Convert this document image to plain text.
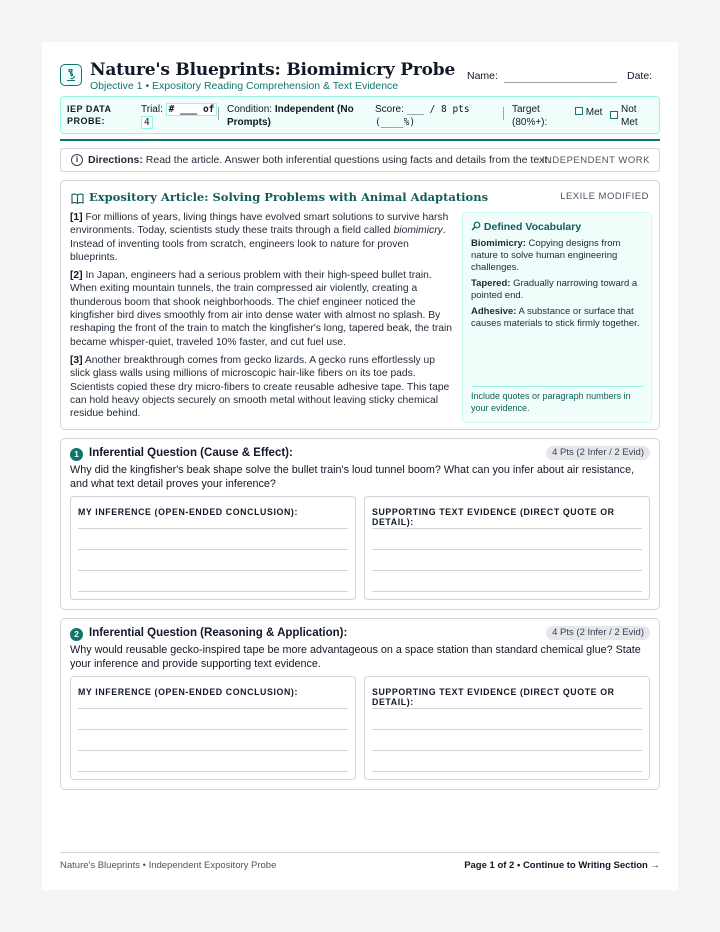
Nature's Blueprints: Biomimicry Probe
Objective 1 • Expository Reading Comprehension & Text Evidence
Name:	Date:
IEP DATA
PROBE:
Trial: # ___ of
4
Condition: Independent (No
Prompts)
Score: ___ / 8 pts
(____%)
Target
(80%+):
Met Not
Met
i Directions: Read the article. Answer both inferential questions using facts and details from the text.
INDEPENDENT WORK
Expository Article: Solving Problems with Animal Adaptations	LEXILE MODIFIED

[1] For millions of years, living things have evolved smart solutions to survive harsh environments. Today, scientists study these traits through a field called biomimicry. Instead of inventing tools from scratch, engineers look to nature for proven blueprints.

[2] In Japan, engineers had a serious problem with their high-speed bullet train. When exiting mountain tunnels, the train compressed air violently, creating a thunderous boom that shook neighborhoods. The chief engineer noticed the kingfisher bird dives smoothly from air into dense water with almost no splash. By reshaping the front of the train to match the kingfisher's long, tapered beak, the train became whisper-quiet, traveled 10% faster, and cut fuel use.

[3] Another breakthrough comes from gecko lizards. A gecko runs effortlessly up slick glass walls using millions of microscopic hair-like fibers on its toe pads. Scientists copied these dry micro-fibers to create reusable adhesive tape. This tape can hold heavy objects securely on smooth metal without leaving sticky chemical residue behind.

Defined Vocabulary
Biomimicry: Copying designs from nature to solve human engineering challenges.
Tapered: Gradually narrowing toward a pointed end.
Adhesive: A substance or surface that causes materials to stick firmly together.
Include quotes or paragraph numbers in your evidence.
1 Inferential Question (Cause & Effect):	4 Pts (2 Infer / 2 Evid)
Why did the kingfisher's beak shape solve the bullet train's loud tunnel boom? What can you infer about air resistance, and what text detail proves your inference?
MY INFERENCE (OPEN-ENDED CONCLUSION):	SUPPORTING TEXT EVIDENCE (DIRECT QUOTE OR DETAIL):
2 Inferential Question (Reasoning & Application):	4 Pts (2 Infer / 2 Evid)
Why would reusable gecko-inspired tape be more advantageous on a space station than standard chemical glue? State your inference and provide supporting text evidence.
MY INFERENCE (OPEN-ENDED CONCLUSION):	SUPPORTING TEXT EVIDENCE (DIRECT QUOTE OR DETAIL):
Nature's Blueprints • Independent Expository Probe	Page 1 of 2 • Continue to Writing Section →
